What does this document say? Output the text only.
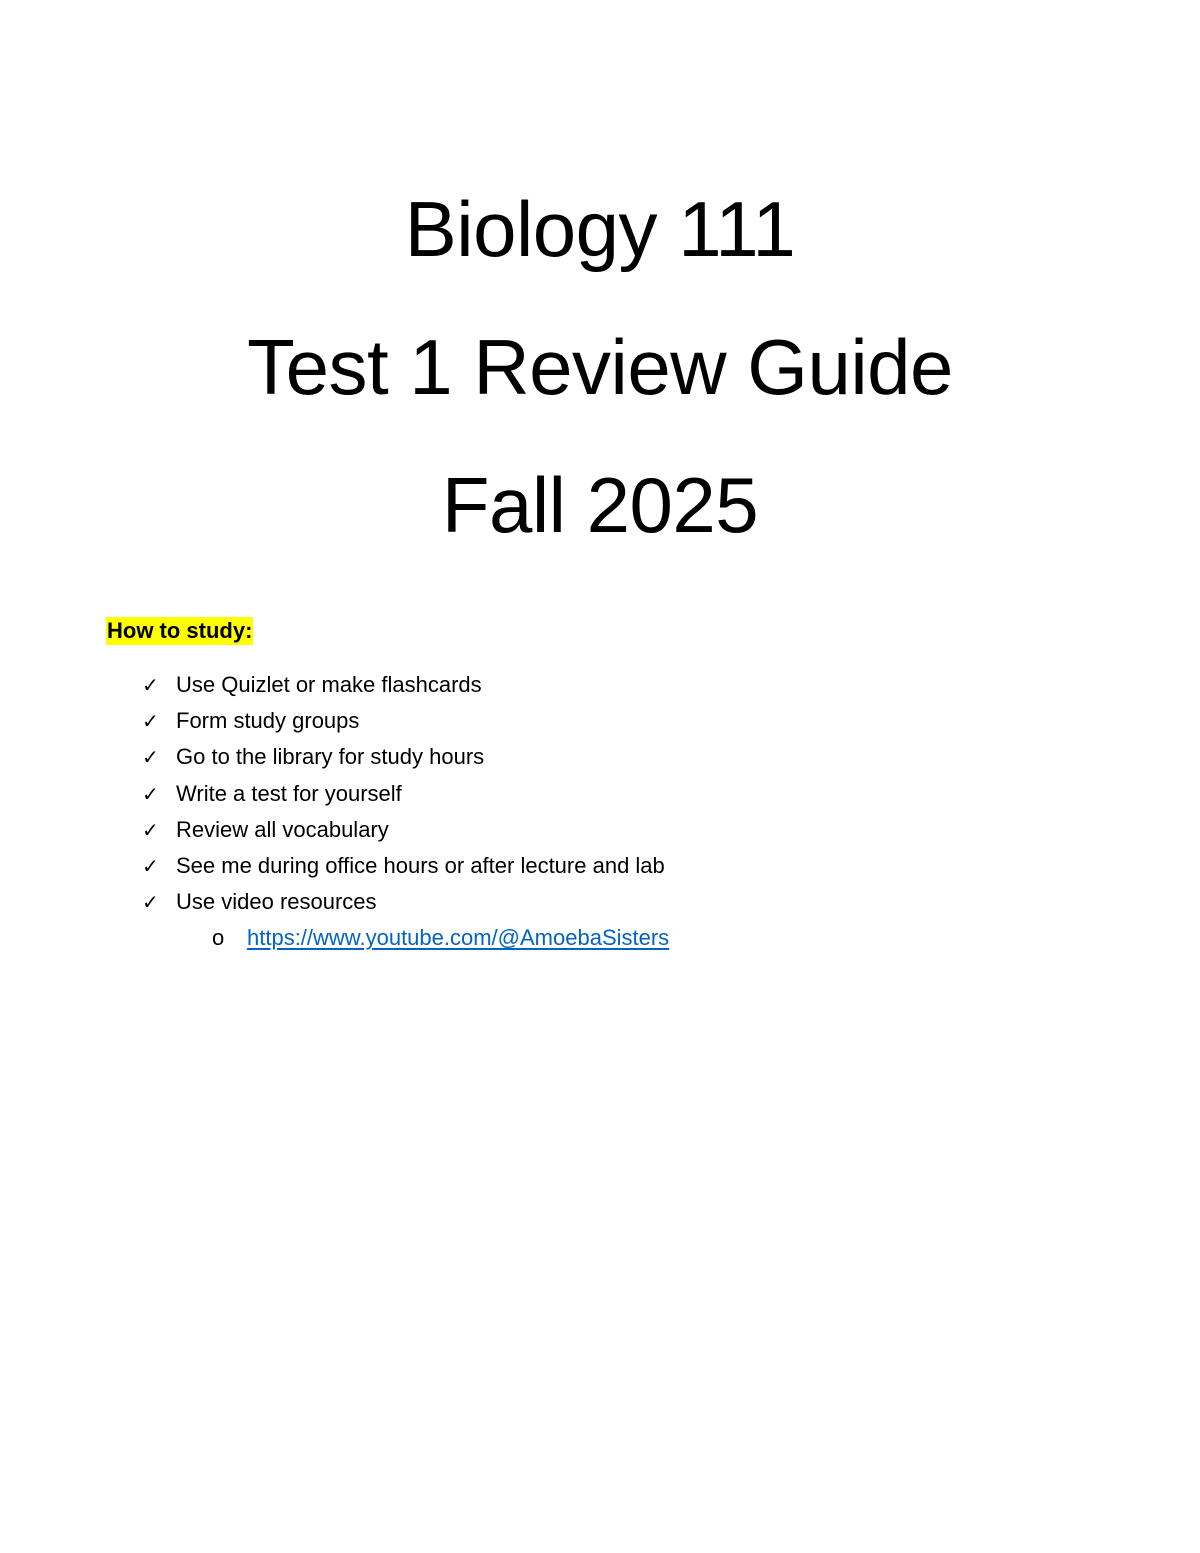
Biology 111
Test 1 Review Guide
Fall 2025
How to study:
✓ Use Quizlet or make flashcards
✓ Form study groups
✓ Go to the library for study hours
✓ Write a test for yourself
✓ Review all vocabulary
✓ See me during office hours or after lecture and lab
✓ Use video resources
o https://www.youtube.com/@AmoebaSisters
